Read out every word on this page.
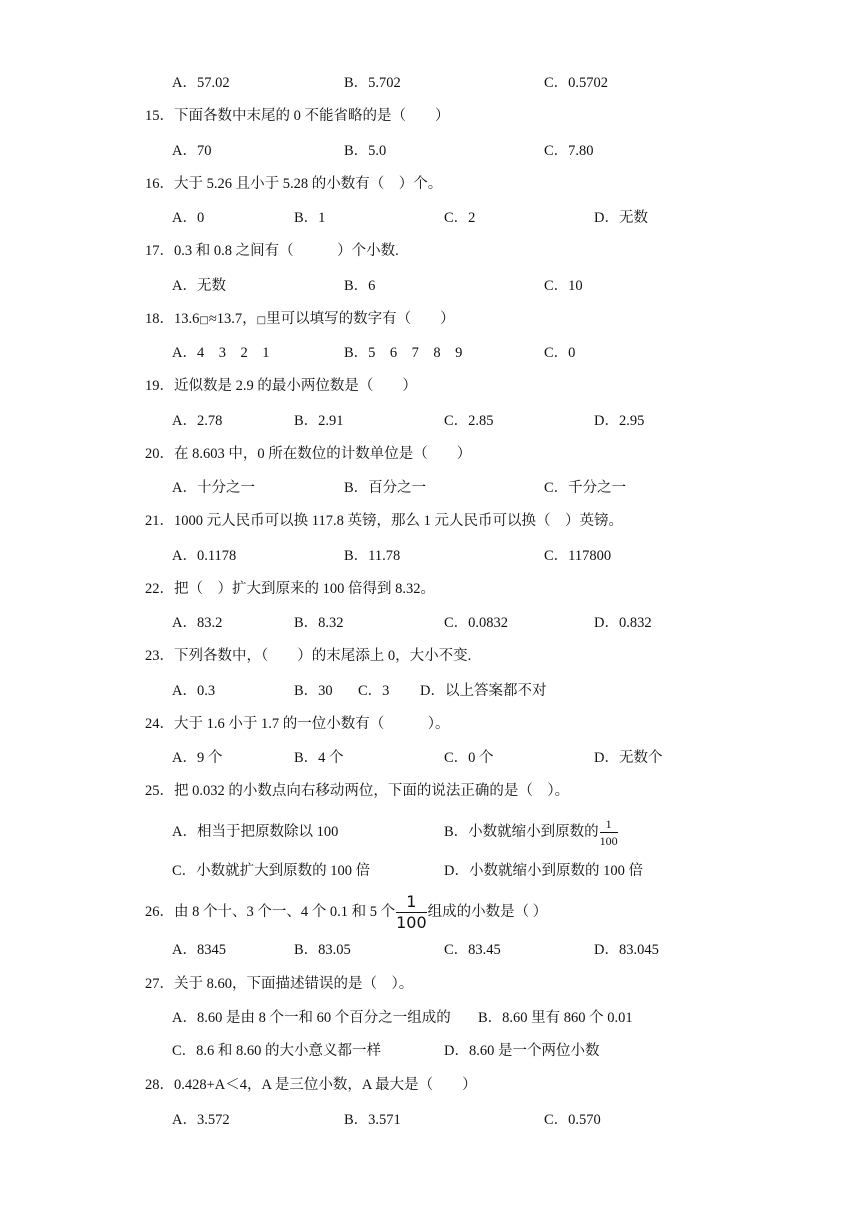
A．57.02	B．5.702	C．0.5702
15．下面各数中末尾的 0 不能省略的是（　　）
A．70	B．5.0	C．7.80
16．大于 5.26 且小于 5.28 的小数有（　）个。
A．0	B．1	C．2	D．无数
17．0.3 和 0.8 之间有（　　　）个小数.
A．无数	B．6	C．10
18．13.6□≈13.7，□里可以填写的数字有（　　）
A．4　3　2　1	B．5　6　7　8　9	C．0
19．近似数是 2.9 的最小两位数是（　　）
A．2.78	B．2.91	C．2.85	D．2.95
20．在 8.603 中，0 所在数位的计数单位是（　　）
A．十分之一	B．百分之一	C．千分之一
21．1000 元人民币可以换 117.8 英镑，那么 1 元人民币可以换（　）英镑。
A．0.1178	B．11.78	C．117800
22．把（　）扩大到原来的 100 倍得到 8.32。
A．83.2	B．8.32	C．0.0832	D．0.832
23．下列各数中，（　　）的末尾添上 0，大小不变.
A．0.3	B．30 C．3 D．以上答案都不对
24．大于 1.6 小于 1.7 的一位小数有（　　　）。
A．9 个	B．4 个	C．0 个	D．无数个
25．把 0.032 的小数点向右移动两位，下面的说法正确的是（　）。
A．相当于把原数除以 100	B．小数就缩小到原数的 $\frac{1}{100}$
C．小数就扩大到原数的 100 倍	D．小数就缩小到原数的 100 倍
26．由 8 个十、3 个一、4 个 0.1 和 5 个 $\frac{1}{100}$ 组成的小数是（ ）
A．8345	B．83.05	C．83.45	D．83.045
27．关于 8.60，下面描述错误的是（　）。
A．8.60 是由 8 个一和 60 个百分之一组成的 B．8.60 里有 860 个 0.01
C．8.6 和 8.60 的大小意义都一样	D．8.60 是一个两位小数
28．0.428+A＜4，A 是三位小数，A 最大是（　　）
A．3.572	B．3.571	C．0.570
